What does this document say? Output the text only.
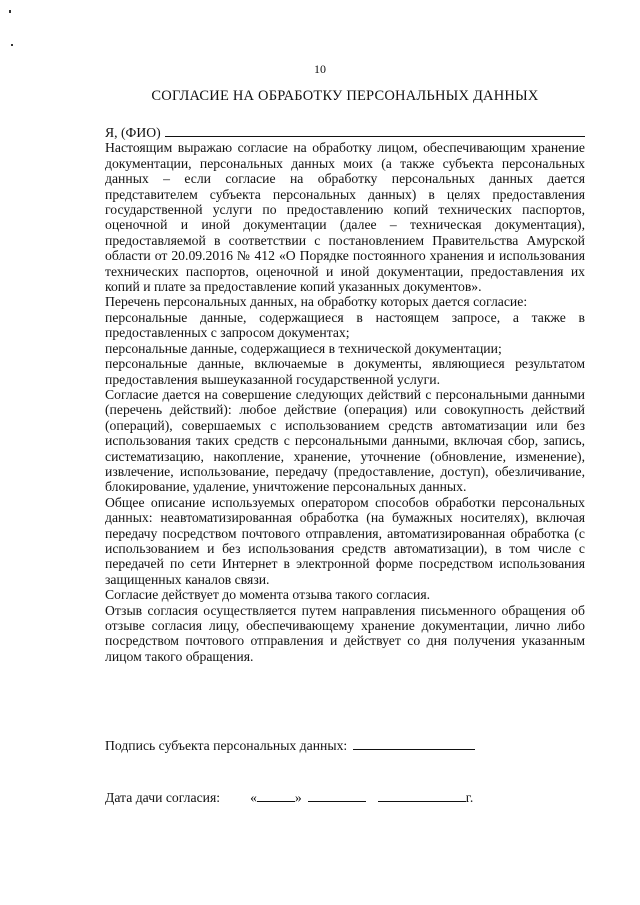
10
СОГЛАСИЕ НА ОБРАБОТКУ ПЕРСОНАЛЬНЫХ ДАННЫХ
Я, (ФИО)

Настоящим выражаю согласие на обработку лицом, обеспечивающим хранение документации, персональных данных моих (а также субъекта персональных данных – если согласие на обработку персональных данных дается представителем субъекта персональных данных) в целях предоставления государственной услуги по предоставлению копий технических паспортов, оценочной и иной документации (далее – техническая документация), предоставляемой в соответствии с постановлением Правительства Амурской области от 20.09.2016 № 412 «О Порядке постоянного хранения и использования технических паспортов, оценочной и иной документации, предоставления их копий и плате за предоставление копий указанных документов».

Перечень персональных данных, на обработку которых дается согласие:

персональные данные, содержащиеся в настоящем запросе, а также в предоставленных с запросом документах;

персональные данные, содержащиеся в технической документации;

персональные данные, включаемые в документы, являющиеся результатом предоставления вышеуказанной государственной услуги.

Согласие дается на совершение следующих действий с персональными данными (перечень действий): любое действие (операция) или совокупность действий (операций), совершаемых с использованием средств автоматизации или без использования таких средств с персональными данными, включая сбор, запись, систематизацию, накопление, хранение, уточнение (обновление, изменение), извлечение, использование, передачу (предоставление, доступ), обезличивание, блокирование, удаление, уничтожение персональных данных.

Общее описание используемых оператором способов обработки персональных данных: неавтоматизированная обработка (на бумажных носителях), включая передачу посредством почтового отправления, автоматизированная обработка (с использованием и без использования средств автоматизации), в том числе с передачей по сети Интернет в электронной форме посредством использования защищенных каналов связи.

Согласие действует до момента отзыва такого согласия.

Отзыв согласия осуществляется путем направления письменного обращения об отзыве согласия лицу, обеспечивающему хранение документации, лично либо посредством почтового отправления и действует со дня получения указанным лицом такого обращения.

Подпись субъекта персональных данных:
Дата дачи согласия: «	»	г.
